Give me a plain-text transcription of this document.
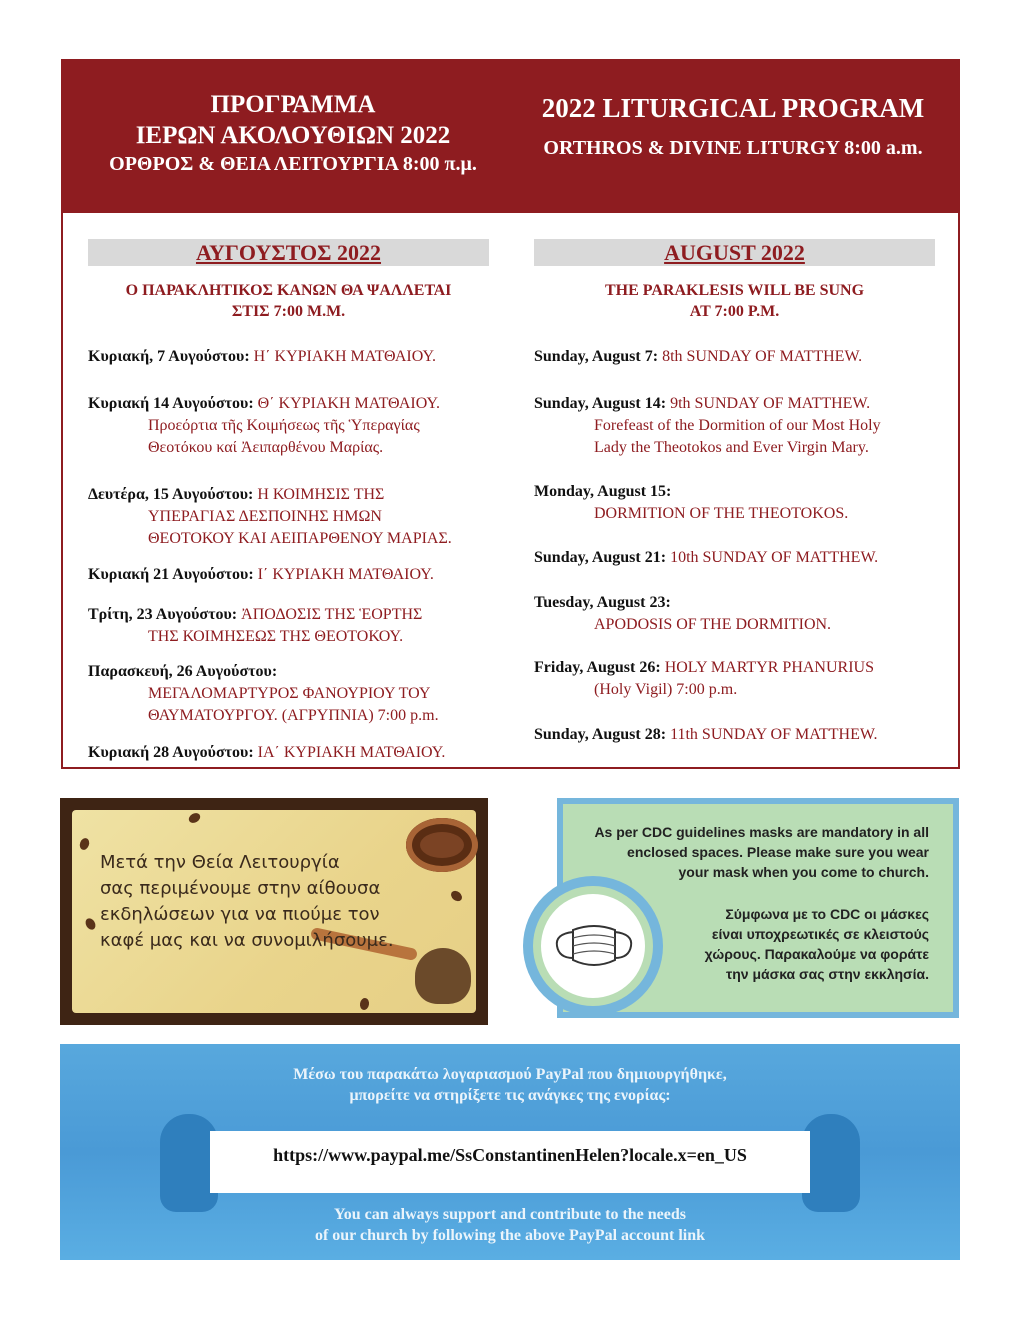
ΠΡΟΓΡΑΜΜΑ
ΙΕΡΩΝ ΑΚΟΛΟΥΘΙΩΝ 2022
ΟΡΘΡΟΣ & ΘΕΙΑ ΛΕΙΤΟΥΡΓΙΑ 8:00 π.μ.
2022 LITURGICAL PROGRAM
ORTHROS & DIVINE LITURGY 8:00 a.m.
ΑΥΓΟΥΣΤΟΣ 2022
Ο ΠΑΡΑΚΛΗΤΙΚΟΣ ΚΑΝΩΝ ΘΑ ΨΑΛΛΕΤΑΙ
ΣΤΙΣ 7:00 Μ.Μ.
Κυριακή, 7 Αυγούστου: Η΄ ΚΥΡΙΑΚΗ ΜΑΤΘΑΙΟΥ.
Κυριακή 14 Αυγούστου: Θ΄ ΚΥΡΙΑΚΗ ΜΑΤΘΑΙΟΥ.
Προεόρτια τῆς Κοιμήσεως τῆς Ὑπεραγίας
Θεοτόκου καί Ἀειπαρθένου Μαρίας.
Δευτέρα, 15 Αυγούστου: Η ΚΟΙΜΗΣΙΣ ΤΗΣ
ΥΠΕΡΑΓΙΑΣ ΔΕΣΠΟΙΝΗΣ ΗΜΩΝ
ΘΕΟΤΟΚΟΥ ΚΑΙ ΑΕΙΠΑΡΘΕΝΟΥ ΜΑΡΙΑΣ.
Κυριακή 21 Αυγούστου: Ι΄ ΚΥΡΙΑΚΗ ΜΑΤΘΑΙΟΥ.
Τρίτη, 23 Αυγούστου: ἈΠΟΔΟΣΙΣ ΤΗΣ ἙΟΡΤΗΣ
ΤΗΣ ΚΟΙΜΗΣΕΩΣ ΤΗΣ ΘΕΟΤΟΚΟΥ.
Παρασκευή, 26 Αυγούστου:
ΜΕΓΑΛΟΜΑΡΤΥΡΟΣ ΦΑΝΟΥΡΙΟΥ ΤΟΥ
ΘΑΥΜΑΤΟΥΡΓΟΥ. (ΑΓΡΥΠΝΙΑ) 7:00 p.m.
Κυριακή 28 Αυγούστου: ΙΑ΄ ΚΥΡΙΑΚΗ ΜΑΤΘΑΙΟΥ.
AUGUST 2022
THE PARAKLESIS WILL BE SUNG
AT 7:00 P.M.
Sunday, August 7: 8th SUNDAY OF MATTHEW.
Sunday, August 14: 9th SUNDAY OF MATTHEW.
Forefeast of the Dormition of our Most Holy
Lady the Theotokos and Ever Virgin Mary.
Monday, August 15:
DORMITION OF THE THEOTOKOS.
Sunday, August 21: 10th SUNDAY OF MATTHEW.
Tuesday, August 23:
APODOSIS OF THE DORMITION.
Friday, August 26: HOLY MARTYR PHANURIUS
(Holy Vigil) 7:00 p.m.
Sunday, August 28: 11th SUNDAY OF MATTHEW.
Μετά την Θεία Λειτουργία
σας περιμένουμε στην αίθουσα
εκδηλώσεων για να πιούμε τον
καφέ μας και να συνομιλήσουμε.
As per CDC guidelines masks are mandatory in all
enclosed spaces. Please make sure you wear
your mask when you come to church.
Σύμφωνα με το CDC οι μάσκες
είναι υποχρεωτικές σε κλειστούς
χώρους. Παρακαλούμε να φοράτε
την μάσκα σας στην εκκλησία.
Μέσω του παρακάτω λογαριασμού PayPal που δημιουργήθηκε,
μπορείτε να στηρίξετε τις ανάγκες της ενορίας:
https://www.paypal.me/SsConstantinenHelen?locale.x=en_US
You can always support and contribute to the needs
of our church by following the above PayPal account link
